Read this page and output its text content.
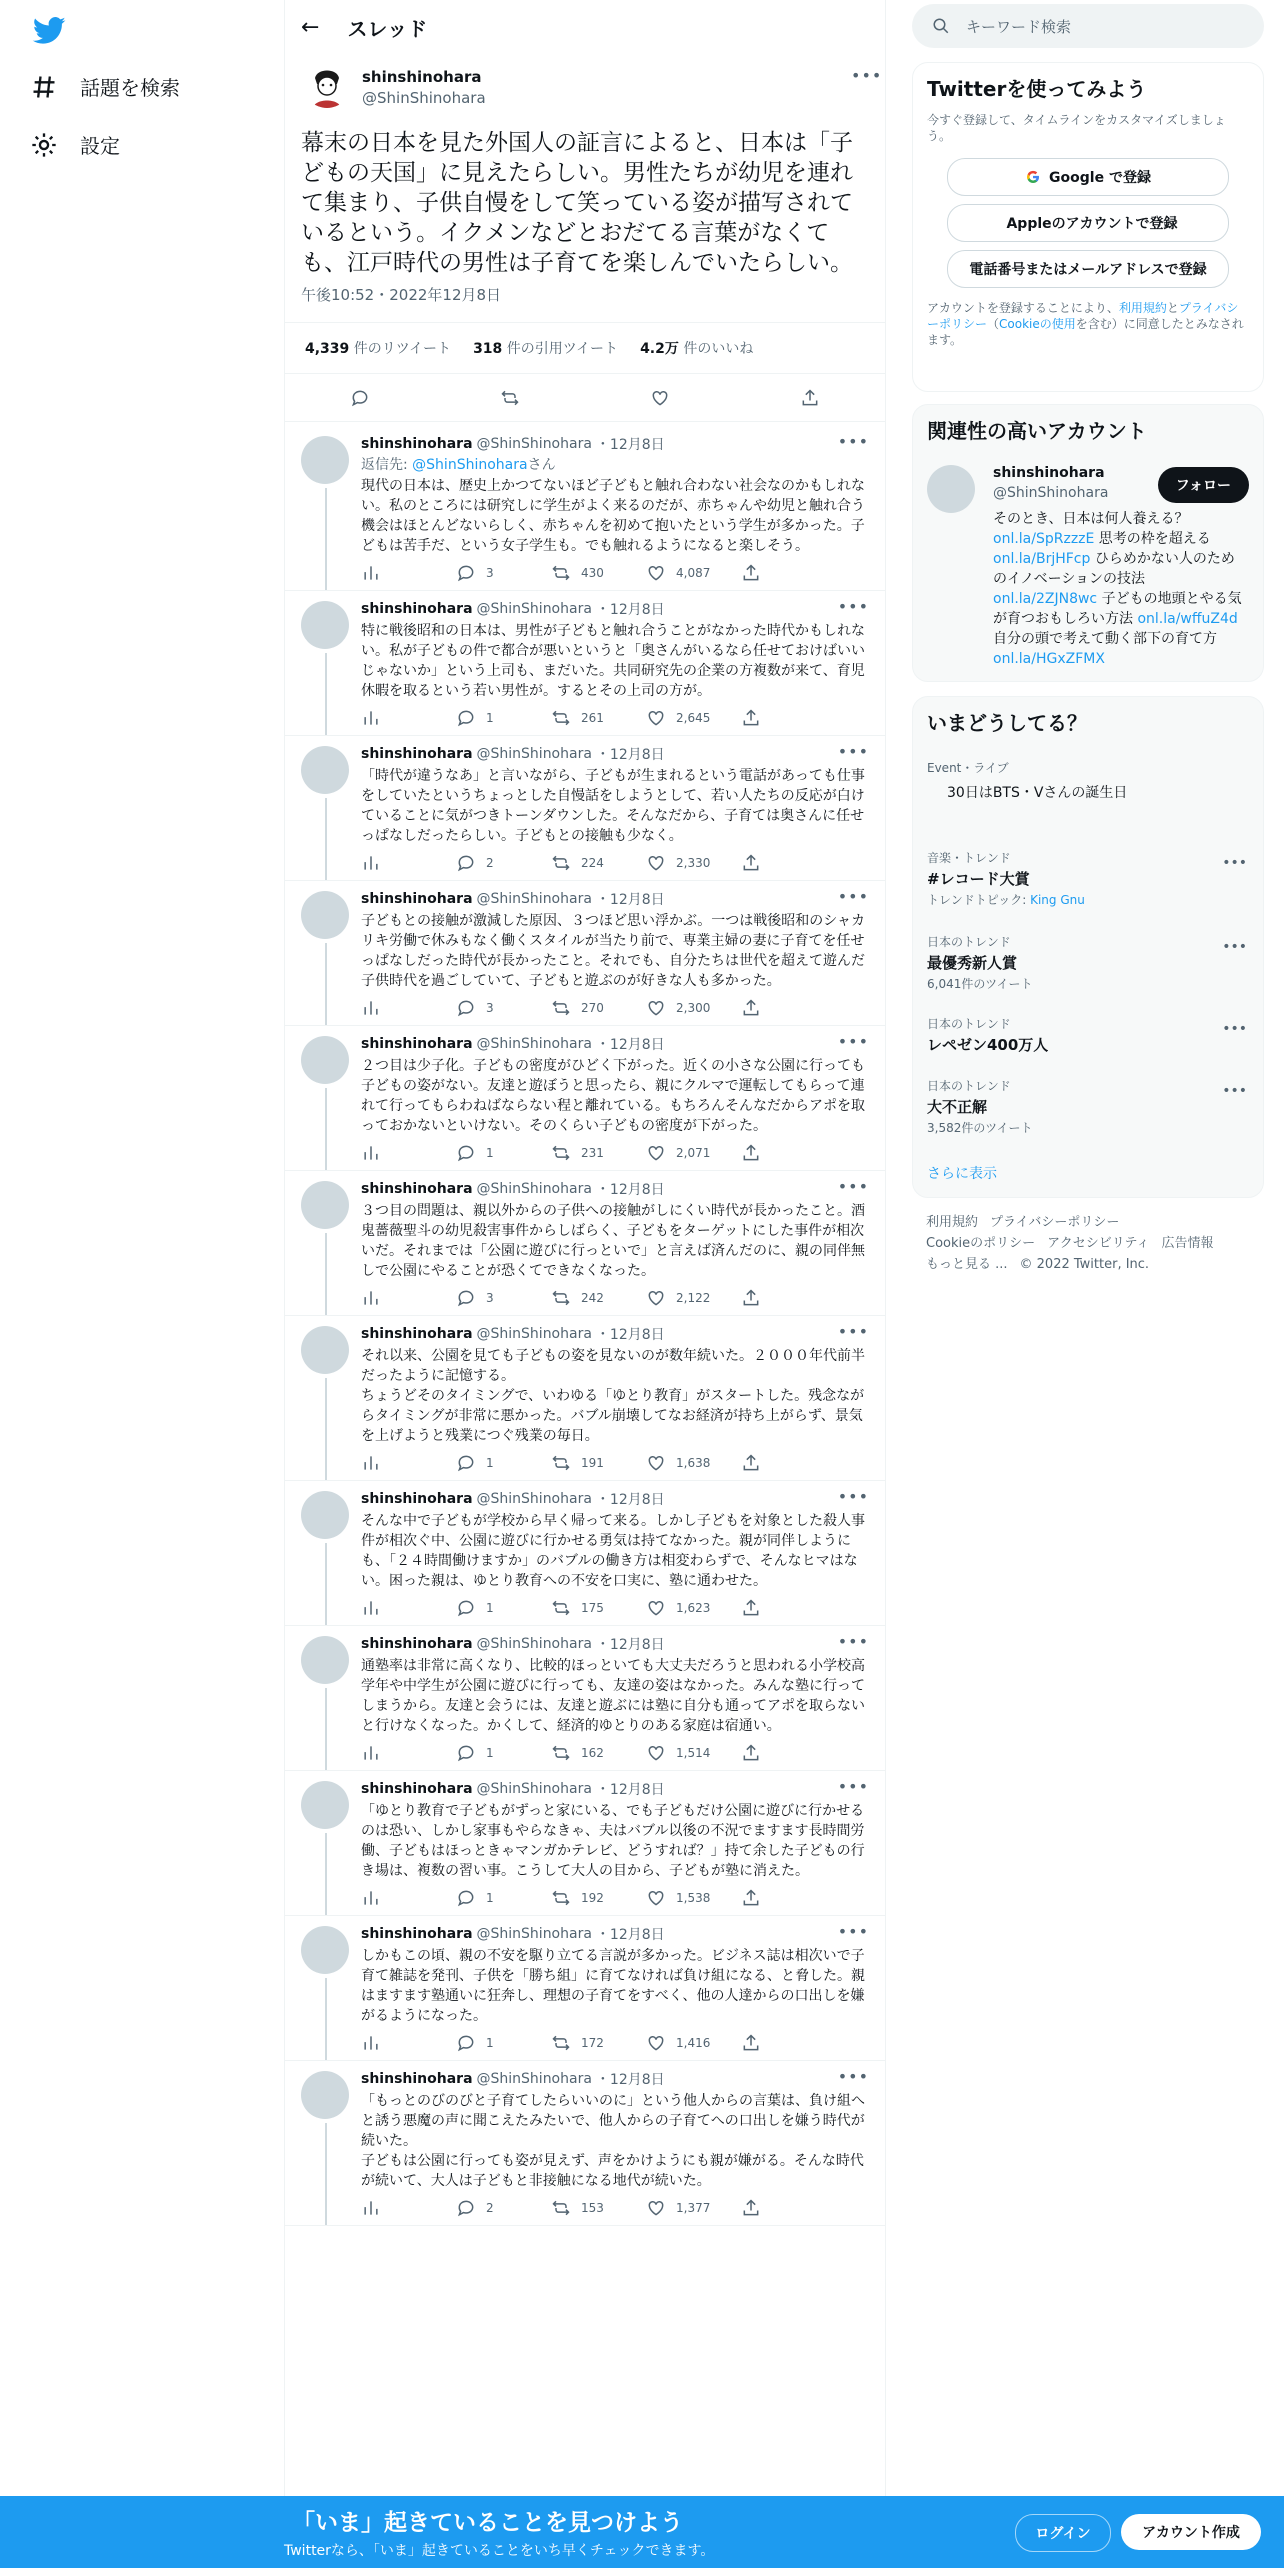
話題を検索
設定
← スレッド
shinshinohara
@ShinShinohara
•••
幕末の日本を見た外国人の証言によると、日本は「子どもの天国」に見えたらしい。男性たちが幼児を連れて集まり、子供自慢をして笑っている姿が描写されているという。イクメンなどとおだてる言葉がなくても、江戸時代の男性は子育てを楽しんでいたらしい。
午後10:52・2022年12月8日
4,339 件のリツイート 318 件の引用ツイート 4.2万 件のいいね
shinshinohara @ShinShinohara ・12月8日	•••
返信先: @ShinShinoharaさん
現代の日本は、歴史上かつてないほど子どもと触れ合わない社会なのかもしれない。私のところには研究しに学生がよく来るのだが、赤ちゃんや幼児と触れ合う機会はほとんどないらしく、赤ちゃんを初めて抱いたという学生が多かった。子どもは苦手だ、という女子学生も。でも触れるようになると楽しそう。
3	430	4,087
shinshinohara @ShinShinohara ・12月8日	•••
特に戦後昭和の日本は、男性が子どもと触れ合うことがなかった時代かもしれない。私が子どもの件で都合が悪いというと「奥さんがいるなら任せておけばいいじゃないか」という上司も、まだいた。共同研究先の企業の方複数が来て、育児休暇を取るという若い男性が。するとその上司の方が。
1	261	2,645
shinshinohara @ShinShinohara ・12月8日	•••
「時代が違うなあ」と言いながら、子どもが生まれるという電話があっても仕事をしていたというちょっとした自慢話をしようとして、若い人たちの反応が白けていることに気がつきトーンダウンした。そんなだから、子育ては奥さんに任せっぱなしだったらしい。子どもとの接触も少なく。
2	224	2,330
shinshinohara @ShinShinohara ・12月8日	•••
子どもとの接触が激減した原因、３つほど思い浮かぶ。一つは戦後昭和のシャカリキ労働で休みもなく働くスタイルが当たり前で、専業主婦の妻に子育てを任せっぱなしだった時代が長かったこと。それでも、自分たちは世代を超えて遊んだ子供時代を過ごしていて、子どもと遊ぶのが好きな人も多かった。
3	270	2,300
shinshinohara @ShinShinohara ・12月8日	•••
２つ目は少子化。子どもの密度がひどく下がった。近くの小さな公園に行っても子どもの姿がない。友達と遊ぼうと思ったら、親にクルマで運転してもらって連れて行ってもらわねばならない程と離れている。もちろんそんなだからアポを取っておかないといけない。そのくらい子どもの密度が下がった。
1	231	2,071
shinshinohara @ShinShinohara ・12月8日	•••
３つ目の問題は、親以外からの子供への接触がしにくい時代が長かったこと。酒鬼薔薇聖斗の幼児殺害事件からしばらく、子どもをターゲットにした事件が相次いだ。それまでは「公園に遊びに行っといで」と言えば済んだのに、親の同伴無しで公園にやることが恐くてできなくなった。
3	242	2,122
shinshinohara @ShinShinohara ・12月8日	•••
それ以来、公園を見ても子どもの姿を見ないのが数年続いた。２０００年代前半だったように記憶する。
ちょうどそのタイミングで、いわゆる「ゆとり教育」がスタートした。残念ながらタイミングが非常に悪かった。バブル崩壊してなお経済が持ち上がらず、景気を上げようと残業につぐ残業の毎日。
1	191	1,638
shinshinohara @ShinShinohara ・12月8日	•••
そんな中で子どもが学校から早く帰って来る。しかし子どもを対象とした殺人事件が相次ぐ中、公園に遊びに行かせる勇気は持てなかった。親が同伴しようにも、「２４時間働けますか」のバブルの働き方は相変わらずで、そんなヒマはない。困った親は、ゆとり教育への不安を口実に、塾に通わせた。
1	175	1,623
shinshinohara @ShinShinohara ・12月8日	•••
通塾率は非常に高くなり、比較的ほっといても大丈夫だろうと思われる小学校高学年や中学生が公園に遊びに行っても、友達の姿はなかった。みんな塾に行ってしまうから。友達と会うには、友達と遊ぶには塾に自分も通ってアポを取らないと行けなくなった。かくして、経済的ゆとりのある家庭は宿通い。
1	162	1,514
shinshinohara @ShinShinohara ・12月8日	•••
「ゆとり教育で子どもがずっと家にいる、でも子どもだけ公園に遊びに行かせるのは恐い、しかし家事もやらなきゃ、夫はバブル以後の不況でますます長時間労働、子どもはほっときゃマンガかテレビ、どうすれば？」持て余した子どもの行き場は、複数の習い事。こうして大人の目から、子どもが塾に消えた。
1	192	1,538
shinshinohara @ShinShinohara ・12月8日	•••
しかもこの頃、親の不安を駆り立てる言説が多かった。ビジネス誌は相次いで子育て雑誌を発刊、子供を「勝ち組」に育てなければ負け組になる、と脅した。親はますます塾通いに狂奔し、理想の子育てをすべく、他の人達からの口出しを嫌がるようになった。
1	172	1,416
shinshinohara @ShinShinohara ・12月8日	•••
「もっとのびのびと子育てしたらいいのに」という他人からの言葉は、負け組へと誘う悪魔の声に聞こえたみたいで、他人からの子育てへの口出しを嫌う時代が続いた。
子どもは公園に行っても姿が見えず、声をかけようにも親が嫌がる。そんな時代が続いて、大人は子どもと非接触になる地代が続いた。
2	153	1,377
キーワード検索
Twitterを使ってみよう
今すぐ登録して、タイムラインをカスタマイズしましょう。
Google で登録
Appleのアカウントで登録
電話番号またはメールアドレスで登録
アカウントを登録することにより、利用規約とプライバシーポリシー（Cookieの使用を含む）に同意したとみなされます。
関連性の高いアカウント
shinshinohara
@ShinShinohara	フォロー
そのとき、日本は何人養える？onl.la/SpRzzzE 思考の枠を超えるonl.la/BrjHFcp ひらめかない人のためのイノベーションの技法 onl.la/2ZJN8wc 子どもの地頭とやる気が育つおもしろい方法 onl.la/wffuZ4d 自分の頭で考えて動く部下の育て方 onl.la/HGxZFMX
いまどうしてる？
Event・ライブ
30日はBTS・Vさんの誕生日
音楽・トレンド
#レコード大賞
トレンドトピック: King Gnu
•••
日本のトレンド
最優秀新人賞
6,041件のツイート
•••
日本のトレンド
レペゼン400万人
•••
日本のトレンド
大不正解
3,582件のツイート
•••
さらに表示
利用規約 プライバシーポリシー
Cookieのポリシー アクセシビリティ 広告情報
もっと見る ... © 2022 Twitter, Inc.
「いま」起きていることを見つけよう
Twitterなら、「いま」起きていることをいち早くチェックできます。
ログイン	アカウント作成
